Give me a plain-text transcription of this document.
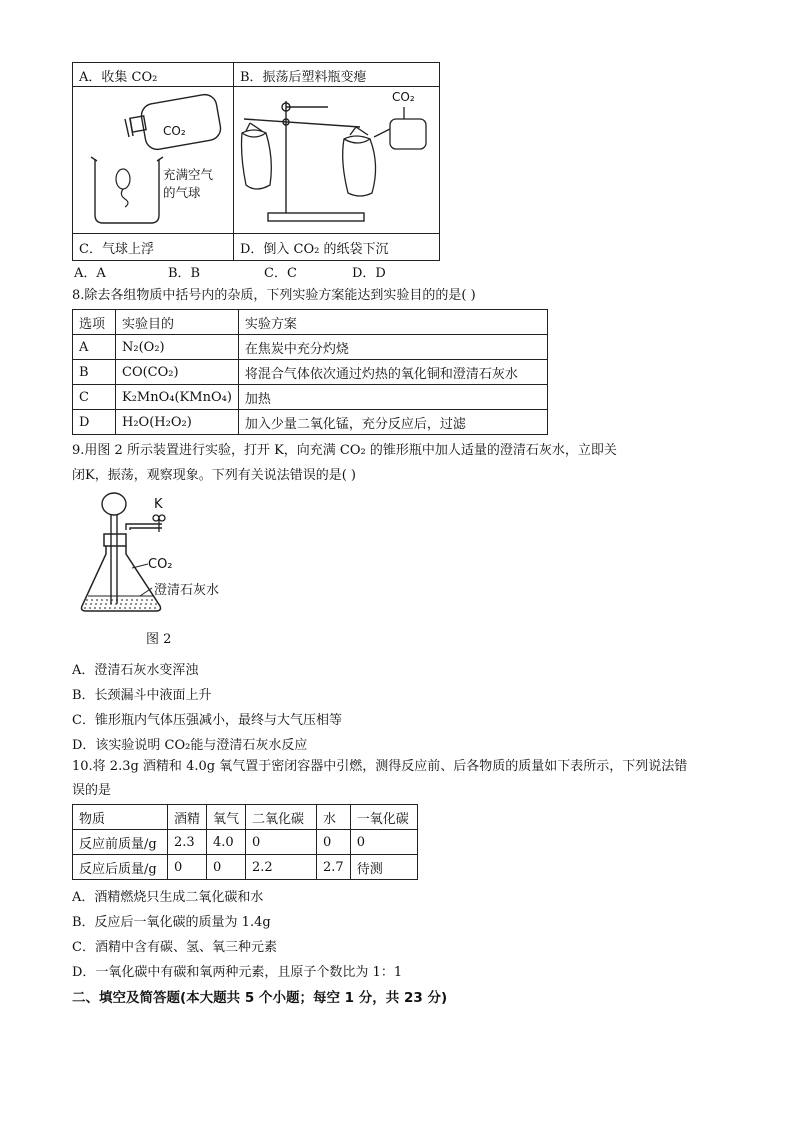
A．收集 CO₂	B．振荡后塑料瓶变瘪
C．气球上浮	D．倒入 CO₂ 的纸袋下沉
CO₂
充满空气
的气球
CO₂
A．A	B．B	C．C	D．D
8.除去各组物质中括号内的杂质，下列实验方案能达到实验目的的是( )
选项	实验目的	实验方案
A	N₂(O₂)	在焦炭中充分灼烧
B	CO(CO₂)	将混合气体依次通过灼热的氧化铜和澄清石灰水
C	K₂MnO₄(KMnO₄)	加热
D	H₂O(H₂O₂)	加入少量二氧化锰，充分反应后，过滤
9.用图 2 所示装置进行实验，打开 K，向充满 CO₂ 的锥形瓶中加人适量的澄清石灰水，立即关
闭K，振荡，观察现象。下列有关说法错误的是( )
K
CO₂
澄清石灰水
图 2
A．澄清石灰水变浑浊
B．长颈漏斗中液面上升
C．锥形瓶内气体压强减小，最终与大气压相等
D．该实验说明 CO₂能与澄清石灰水反应
10.将 2.3g 酒精和 4.0g 氧气置于密闭容器中引燃，测得反应前、后各物质的质量如下表所示，下列说法错
误的是
物质	酒精	氧气	二氧化碳	水	一氧化碳
反应前质量/g	2.3	4.0	0	0	0
反应后质量/g	0	0	2.2	2.7	待测
A．酒精燃烧只生成二氧化碳和水
B．反应后一氧化碳的质量为 1.4g
C．酒精中含有碳、氢、氧三种元素
D．一氧化碳中有碳和氧两种元素，且原子个数比为 1：1
二、填空及简答题(本大题共 5 个小题；每空 1 分，共 23 分)
